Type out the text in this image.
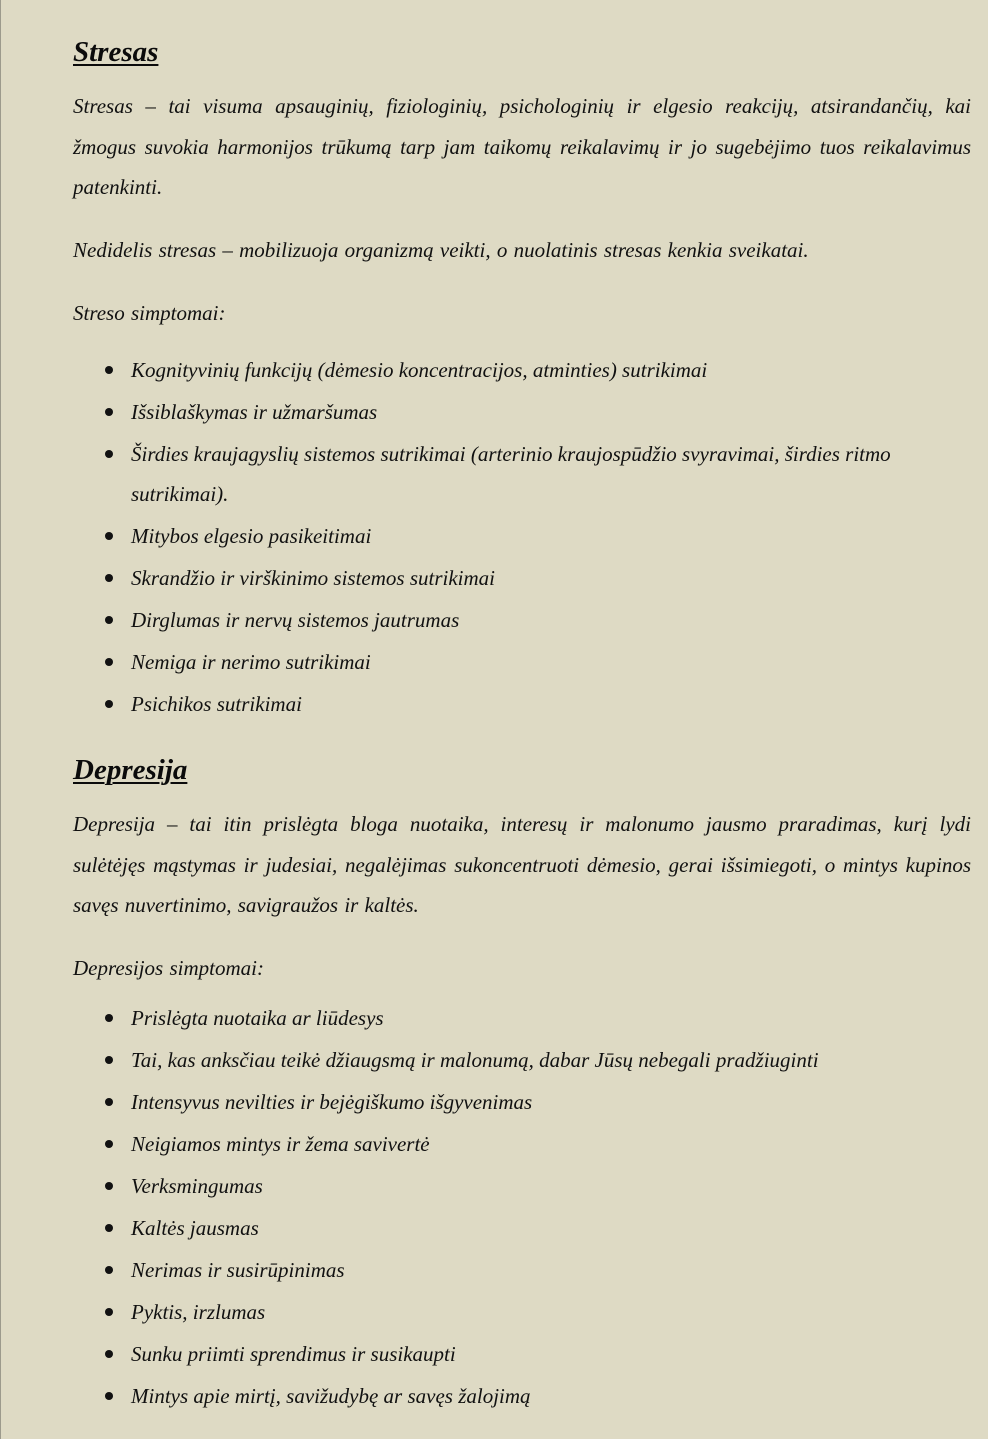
Stresas

Stresas – tai visuma apsauginių, fiziologinių, psichologinių ir elgesio reakcijų, atsirandančių, kai žmogus suvokia harmonijos trūkumą tarp jam taikomų reikalavimų ir jo sugebėjimo tuos reikalavimus patenkinti.

Nedidelis stresas – mobilizuoja organizmą veikti, o nuolatinis stresas kenkia sveikatai.

Streso simptomai:

Kognityvinių funkcijų (dėmesio koncentracijos, atminties) sutrikimai
Išsiblaškymas ir užmaršumas
Širdies kraujagyslių sistemos sutrikimai (arterinio kraujospūdžio svyravimai, širdies ritmo sutrikimai).
Mitybos elgesio pasikeitimai
Skrandžio ir virškinimo sistemos sutrikimai
Dirglumas ir nervų sistemos jautrumas
Nemiga ir nerimo sutrikimai
Psichikos sutrikimai
Depresija

Depresija – tai itin prislėgta bloga nuotaika, interesų ir malonumo jausmo praradimas, kurį lydi sulėtėjęs mąstymas ir judesiai, negalėjimas sukoncentruoti dėmesio, gerai išsimiegoti, o mintys kupinos savęs nuvertinimo, savigraužos ir kaltės.

Depresijos simptomai:

Prislėgta nuotaika ar liūdesys
Tai, kas anksčiau teikė džiaugsmą ir malonumą, dabar Jūsų nebegali pradžiuginti
Intensyvus nevilties ir bejėgiškumo išgyvenimas
Neigiamos mintys ir žema savivertė
Verksmingumas
Kaltės jausmas
Nerimas ir susirūpinimas
Pyktis, irzlumas
Sunku priimti sprendimus ir susikaupti
Mintys apie mirtį, savižudybę ar savęs žalojimą
